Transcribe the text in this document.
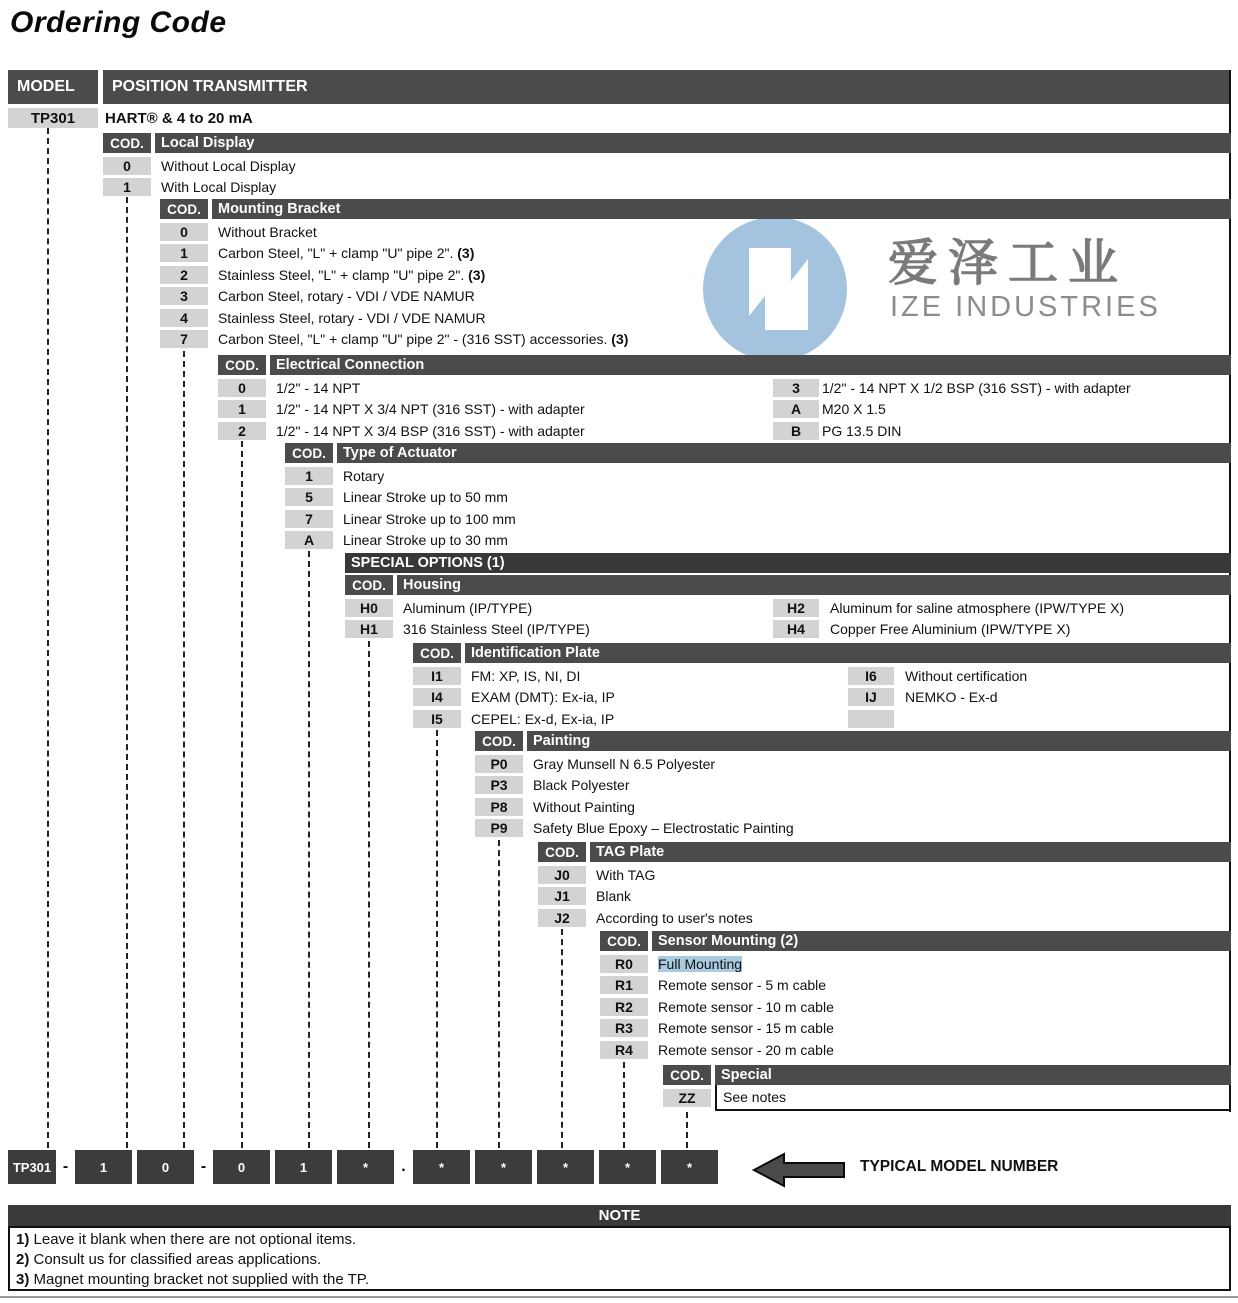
Ordering Code
爱泽工业
IZE INDUSTRIES
MODEL	POSITION TRANSMITTER
TP301	HART® & 4 to 20 mA
COD.	Local Display
0	Without Local Display
1	With Local Display
COD.	Mounting Bracket
0	Without Bracket
1	Carbon Steel, "L" + clamp "U" pipe 2". (3)
2	Stainless Steel, "L" + clamp "U" pipe 2". (3)
3	Carbon Steel, rotary - VDI / VDE NAMUR
4	Stainless Steel, rotary - VDI / VDE NAMUR
7	Carbon Steel, "L" + clamp "U" pipe 2" - (316 SST) accessories. (3)
COD.	Electrical Connection
0	1/2" - 14 NPT	3	1/2" - 14 NPT X 1/2 BSP (316 SST) - with adapter
1	1/2" - 14 NPT X 3/4 NPT (316 SST) - with adapter	A	M20 X 1.5
2	1/2" - 14 NPT X 3/4 BSP (316 SST) - with adapter	B	PG 13.5 DIN
COD.	Type of Actuator
1	Rotary
5	Linear Stroke up to 50 mm
7	Linear Stroke up to 100 mm
A	Linear Stroke up to 30 mm
SPECIAL OPTIONS (1)
COD.	Housing
H0	Aluminum (IP/TYPE)	H2	Aluminum for saline atmosphere (IPW/TYPE X)
H1	316 Stainless Steel (IP/TYPE)	H4	Copper Free Aluminium (IPW/TYPE X)
COD.	Identification Plate
I1	FM: XP, IS, NI, DI	I6	Without certification
I4	EXAM (DMT): Ex-ia, IP	IJ	NEMKO - Ex-d
I5	CEPEL: Ex-d, Ex-ia, IP
COD.	Painting
P0	Gray Munsell N 6.5 Polyester
P3	Black Polyester
P8	Without Painting
P9	Safety Blue Epoxy – Electrostatic Painting
COD.	TAG Plate
J0	With TAG
J1	Blank
J2	According to user's notes
COD.	Sensor Mounting (2)
R0	Full Mounting
R1	Remote sensor - 5 m cable
R2	Remote sensor - 10 m cable
R3	Remote sensor - 15 m cable
R4	Remote sensor - 20 m cable
COD.	Special
ZZ	See notes
TP301 -	1	0	-	0	1	*	.	*	*	*	*	*	TYPICAL MODEL NUMBER
NOTE
1) Leave it blank when there are not optional items.
2) Consult us for classified areas applications.
3) Magnet mounting bracket not supplied with the TP.
